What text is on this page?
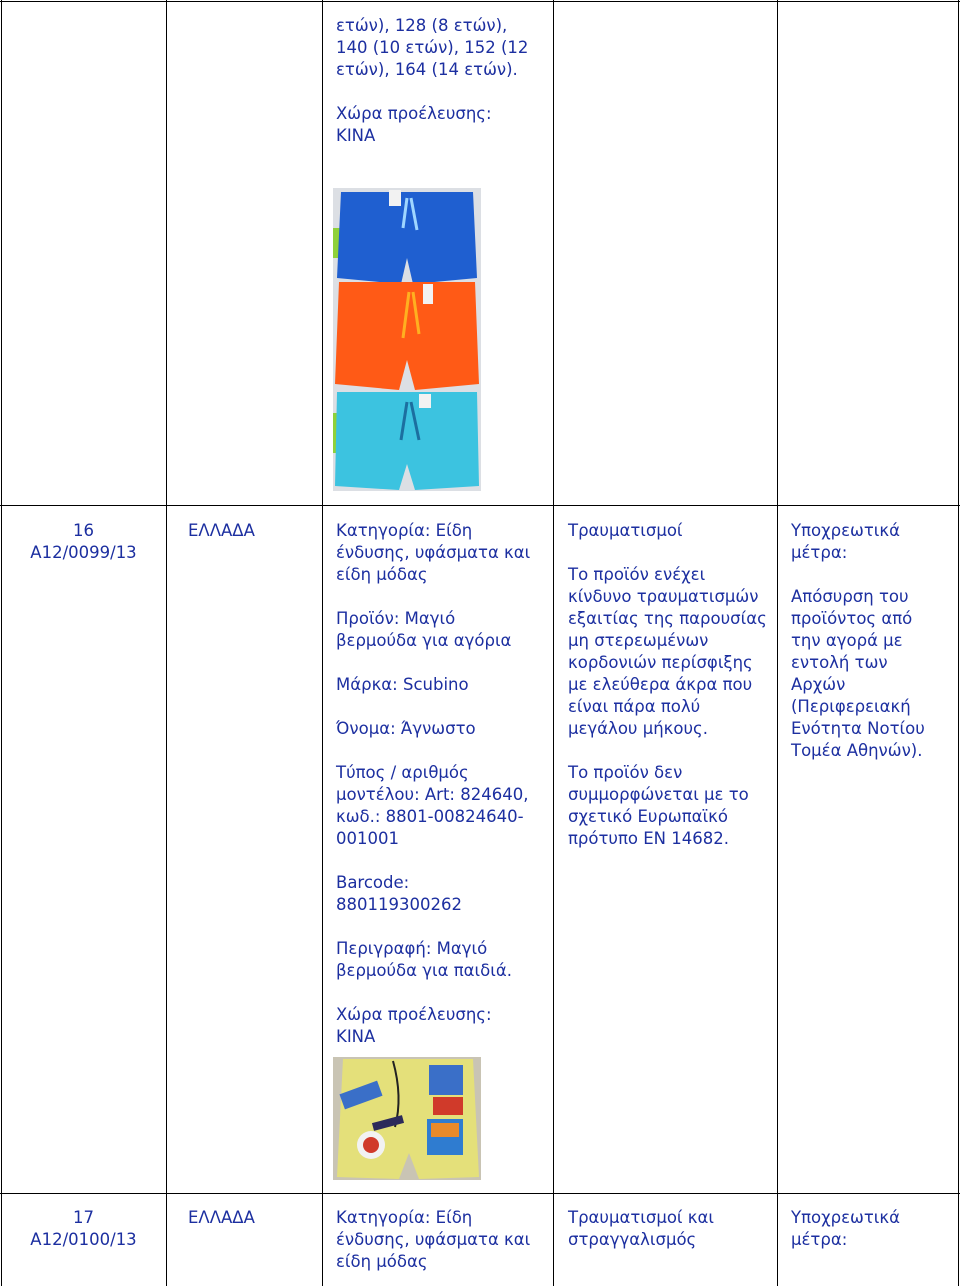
ετών), 128 (8 ετών), 140 (10 ετών), 152 (12 ετών), 164 (14 ετών).

Χώρα προέλευσης: ΚΙΝΑ

16
A12/0099/13
ΕΛΛΑΔΑ	Κατηγορία: Είδη ένδυσης, υφάσματα και είδη μόδας

Προϊόν: Μαγιό βερμούδα για αγόρια

Μάρκα: Scubino

Όνομα: Άγνωστο

Τύπος / αριθμός μοντέλου: Art: 824640, κωδ.: 8801-00824640-001001

Barcode: 880119300262

Περιγραφή: Μαγιό βερμούδα για παιδιά.

Χώρα προέλευσης: ΚΙΝΑ

Τραυματισμοί

Το προϊόν ενέχει κίνδυνο τραυματισμών εξαιτίας της παρουσίας μη στερεωμένων κορδονιών περίσφιξης με ελεύθερα άκρα που είναι πάρα πολύ μεγάλου μήκους.

Το προϊόν δεν συμμορφώνεται με το σχετικό Ευρωπαϊκό πρότυπο ΕΝ 14682.

Υποχρεωτικά μέτρα:

Απόσυρση του προϊόντος από την αγορά με εντολή των Αρχών (Περιφερειακή Ενότητα Νοτίου Τομέα Αθηνών).

17
A12/0100/13
ΕΛΛΑΔΑ	Κατηγορία: Είδη ένδυσης, υφάσματα και είδη μόδας

Τραυματισμοί και στραγγαλισμός

Υποχρεωτικά μέτρα:
